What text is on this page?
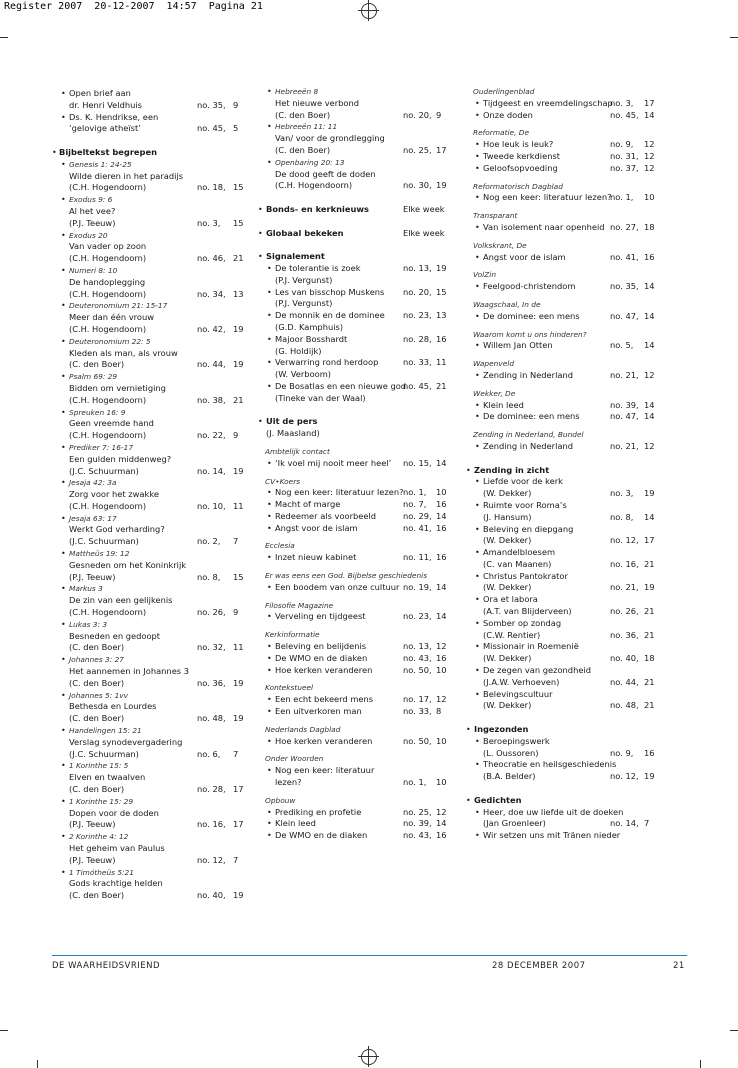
Register 2007  20-12-2007  14:57  Pagina 21
• Open brief aan
dr. Henri Veldhuis	no. 35, 9
• Ds. K. Hendrikse, een
‘gelovige atheïst’	no. 45, 5
• Bijbeltekst begrepen
• Genesis 1: 24-25
Wilde dieren in het paradijs
(C.H. Hogendoorn)	no. 18, 15
• Exodus 9: 6
Al het vee?
(P.J. Teeuw)	no. 3, 15
• Exodus 20
Van vader op zoon
(C.H. Hogendoorn)	no. 46, 21
• Numeri 8: 10
De handoplegging
(C.H. Hogendoorn)	no. 34, 13
• Deuteronomium 21: 15-17
Meer dan één vrouw
(C.H. Hogendoorn)	no. 42, 19
• Deuteronomium 22: 5
Kleden als man, als vrouw
(C. den Boer)	no. 44, 19
• Psalm 69: 29
Bidden om vernietiging
(C.H. Hogendoorn)	no. 38, 21
• Spreuken 16: 9
Geen vreemde hand
(C.H. Hogendoorn)	no. 22, 9
• Prediker 7: 16-17
Een gulden middenweg?
(J.C. Schuurman)	no. 14, 19
• Jesaja 42: 3a
Zorg voor het zwakke
(C.H. Hogendoorn)	no. 10, 11
• Jesaja 63: 17
Werkt God verharding?
(J.C. Schuurman)	no. 2, 7
• Mattheüs 19: 12
Gesneden om het Koninkrijk
(P.J. Teeuw)	no. 8, 15
• Markus 3
De zin van een gelijkenis
(C.H. Hogendoorn)	no. 26, 9
• Lukas 3: 3
Besneden en gedoopt
(C. den Boer)	no. 32, 11
• Johannes 3: 27
Het aannemen in Johannes 3
(C. den Boer)	no. 36, 19
• Johannes 5: 1vv
Bethesda en Lourdes
(C. den Boer)	no. 48, 19
• Handelingen 15: 21
Verslag synodevergadering
(J.C. Schuurman)	no. 6, 7
• 1 Korinthe 15: 5
Elven en twaalven
(C. den Boer)	no. 28, 17
• 1 Korinthe 15: 29
Dopen voor de doden
(P.J. Teeuw)	no. 16, 17
• 2 Korinthe 4: 12
Het geheim van Paulus
(P.J. Teeuw)	no. 12, 7
• 1 Timótheüs 5:21
Gods krachtige helden
(C. den Boer)	no. 40, 19
• Hebreeën 8
Het nieuwe verbond
(C. den Boer)	no. 20, 9
• Hebreeën 11: 11
Van/ voor de grondlegging
(C. den Boer)	no. 25, 17
• Openbaring 20: 13
De dood geeft de doden
(C.H. Hogendoorn)	no. 30, 19
• Bonds- en kerknieuws	Elke week
• Globaal bekeken	Elke week
• Signalement
• De tolerantie is zoek	no. 13, 19
(P.J. Vergunst)
• Les van bisschop Muskens no. 20, 15
(P.J. Vergunst)
• De monnik en de dominee no. 23, 13
(G.D. Kamphuis)
• Majoor Bosshardt	no. 28, 16
(G. Holdijk)
• Verwarring rond herdoop	no. 33, 11
(W. Verboom)
• De Bosatlas en een nieuwe god
no. 45, 21
(Tineke van der Waal)
• Uit de pers
(J. Maasland)
Ambtelijk contact
• ‘Ik voel mij nooit meer heel’ no. 15, 14
CV•Koers
• Nog een keer: literatuur lezen? no. 1, 10
• Macht of marge	no. 7, 16
• Redeemer als voorbeeld	no. 29, 14
• Angst voor de islam	no. 41, 16
Ecclesia
• Inzet nieuw kabinet	no. 11, 16
Er was eens een God. Bijbelse geschiedenis
• Een boodem van onze cultuur no. 19, 14
Filosofie Magazine
• Verveling en tijdgeest	no. 23, 14
Kerkinformatie
• Beleving en belijdenis	no. 13, 12
• De WMO en de diaken	no. 43, 16
• Hoe kerken veranderen	no. 50, 10
Kontekstueel
• Een echt bekeerd mens	no. 17, 12
• Een uitverkoren man	no. 33, 8
Nederlands Dagblad
• Hoe kerken veranderen	no. 50, 10
Onder Woorden
• Nog een keer: literatuur
lezen?	no. 1, 10
Opbouw
• Prediking en profetie	no. 25, 12
• Klein leed	no. 39, 14
• De WMO en de diaken	no. 43, 16
Ouderlingenblad
• Tijdgeest en vreemdelingschap
no. 3, 17
• Onze doden	no. 45, 14
Reformatie, De
• Hoe leuk is leuk?	no. 9, 12
• Tweede kerkdienst	no. 31, 12
• Geloofsopvoeding	no. 37, 12
Reformatorisch Dagblad
• Nog een keer: literatuur lezen?
no. 1, 10
Transparant
• Van isolement naar openheid no. 27, 18
Volkskrant, De
• Angst voor de islam	no. 41, 16
VolZin
• Feelgood-christendom	no. 35, 14
Waagschaal, In de
• De dominee: een mens	no. 47, 14
Waarom komt u ons hinderen?
• Willem Jan Otten	no. 5, 14
Wapenveld
• Zending in Nederland	no. 21, 12
Wekker, De
• Klein leed	no. 39, 14
• De dominee: een mens	no. 47, 14
Zending in Nederland, Bundel
• Zending in Nederland	no. 21, 12
• Zending in zicht
• Liefde voor de kerk
(W. Dekker)	no. 3, 19
• Ruimte voor Roma’s
(J. Hansum)	no. 8, 14
• Beleving en diepgang
(W. Dekker)	no. 12, 17
• Amandelbloesem
(C. van Maanen)	no. 16, 21
• Christus Pantokrator
(W. Dekker)	no. 21, 19
• Ora et labora
(A.T. van Blijderveen)	no. 26, 21
• Somber op zondag
(C.W. Rentier)	no. 36, 21
• Missionair in Roemenië
(W. Dekker)	no. 40, 18
• De zegen van gezondheid
(J.A.W. Verhoeven)	no. 44, 21
• Belevingscultuur
(W. Dekker)	no. 48, 21
• Ingezonden
• Beroepingswerk
(L. Oussoren)	no. 9, 16
• Theocratie en heilsgeschiedenis
(B.A. Belder)	no. 12, 19
• Gedichten
• Heer, doe uw liefde uit de doeken
(Jan Groenleer)	no. 14, 7
• Wir setzen uns mit Tränen nieder
DE WAARHEIDSVRIEND	28 DECEMBER 2007	21
